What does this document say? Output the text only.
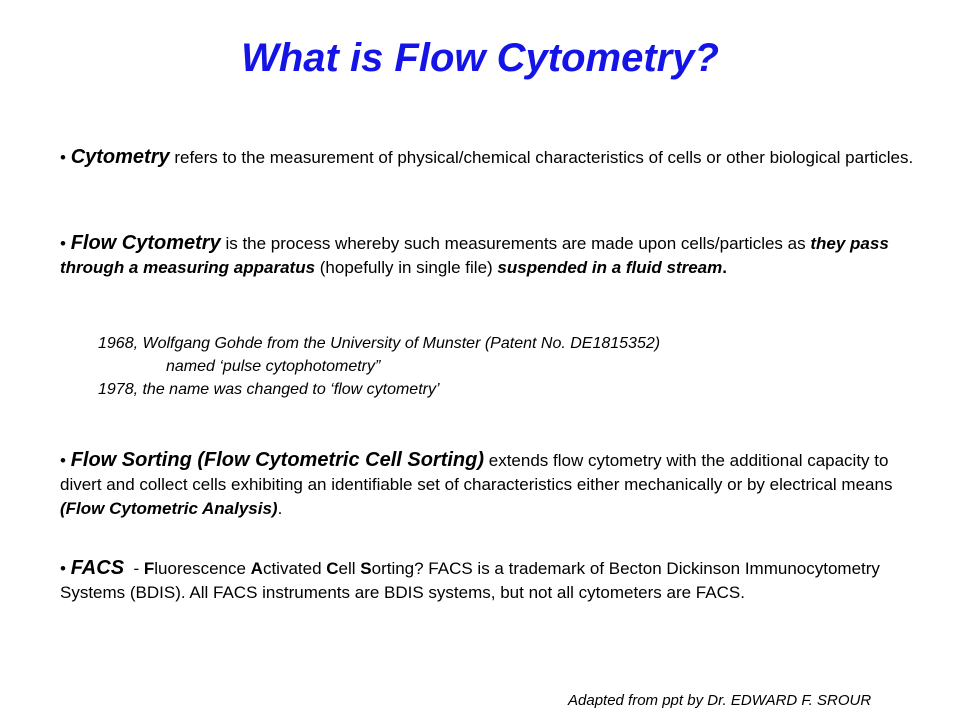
What is Flow Cytometry?

• Cytometry refers to the measurement of physical/chemical characteristics of cells or other biological particles.

• Flow Cytometry is the process whereby such measurements are made upon cells/particles as they pass through a measuring apparatus (hopefully in single file) suspended in a fluid stream.

1968, Wolfgang Gohde from the University of Munster (Patent No. DE1815352)
named ‘pulse cytophotometry”
1978, the name was changed to ‘flow cytometry’

• Flow Sorting (Flow Cytometric Cell Sorting) extends flow cytometry with the additional capacity to divert and collect cells exhibiting an identifiable set of characteristics either mechanically or by electrical means (Flow Cytometric Analysis).

• FACS  - Fluorescence Activated Cell Sorting? FACS is a trademark of Becton Dickinson Immunocytometry Systems (BDIS). All FACS instruments are BDIS systems, but not all cytometers are FACS.

Adapted from ppt by Dr. EDWARD F. SROUR
